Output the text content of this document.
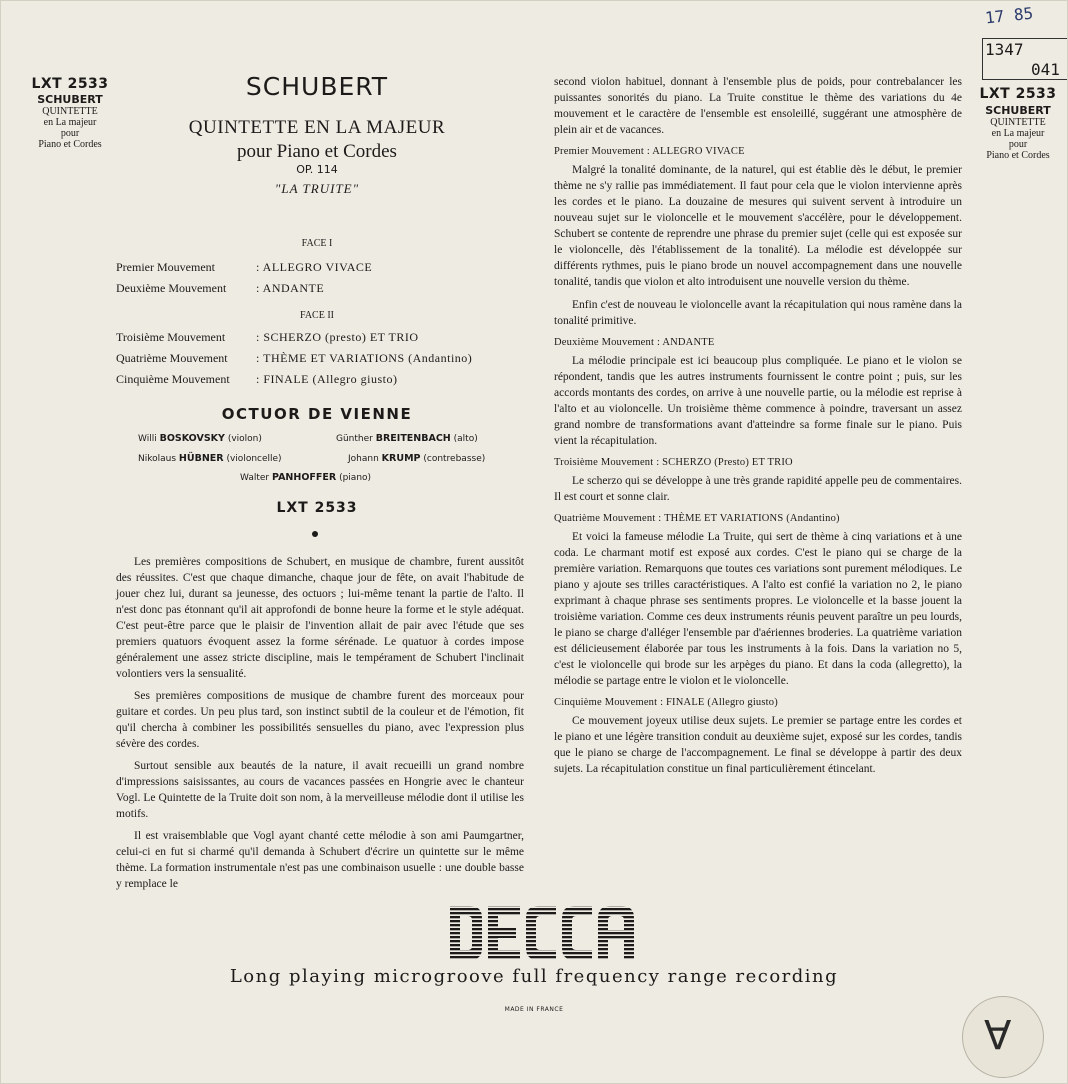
LXT 2533
SCHUBERT
QUINTETTE
en La majeur
pour
Piano et Cordes
LXT 2533
SCHUBERT
QUINTETTE
en La majeur
pour
Piano et Cordes
17 85
1347
041
SCHUBERT
QUINTETTE EN LA MAJEUR
pour Piano et Cordes
OP. 114
"LA TRUITE"
FACE I
Premier Mouvement	: ALLEGRO VIVACE
Deuxième Mouvement : ANDANTE
FACE II
Troisième Mouvement	: SCHERZO (presto) ET TRIO
Quatrième Mouvement : THÈME ET VARIATIONS (Andantino)
Cinquième Mouvement : FINALE (Allegro giusto)
OCTUOR DE VIENNE
Willi BOSKOVSKY (violon)	Günther BREITENBACH (alto)
Nikolaus HÜBNER (violoncelle)	Johann KRUMP (contrebasse)
Walter PANHOFFER (piano)
LXT 2533

Les premières compositions de Schubert, en musique de chambre, furent aussitôt des réussites. C'est que chaque dimanche, chaque jour de fête, on avait l'habitude de jouer chez lui, durant sa jeunesse, des octuors ; lui-même tenant la partie de l'alto. Il n'est donc pas étonnant qu'il ait approfondi de bonne heure la forme et le style adéquat. C'est peut-être parce que le plaisir de l'invention allait de pair avec l'étude que ses premiers quatuors évoquent assez la forme sérénade. Le quatuor à cordes impose généralement une assez stricte discipline, mais le tempérament de Schubert l'inclinait volontiers vers la sensualité.

Ses premières compositions de musique de chambre furent des morceaux pour guitare et cordes. Un peu plus tard, son instinct subtil de la couleur et de l'émotion, fit qu'il chercha à combiner les possibilités sensuelles du piano, avec l'expression plus sévère des cordes.

Surtout sensible aux beautés de la nature, il avait recueilli un grand nombre d'impressions saisissantes, au cours de vacances passées en Hongrie avec le chanteur Vogl. Le Quintette de la Truite doit son nom, à la merveilleuse mélodie dont il utilise les motifs.

Il est vraisemblable que Vogl ayant chanté cette mélodie à son ami Paumgartner, celui-ci en fut si charmé qu'il demanda à Schubert d'écrire un quintette sur le même thème. La formation instrumentale n'est pas une combinaison usuelle : une double basse y remplace le

second violon habituel, donnant à l'ensemble plus de poids, pour contrebalancer les puissantes sonorités du piano. La Truite constitue le thème des variations du 4e mouvement et le caractère de l'ensemble est ensoleillé, suggérant une atmosphère de plein air et de vacances.

Premier Mouvement : ALLEGRO VIVACE

Malgré la tonalité dominante, de la naturel, qui est établie dès le début, le premier thème ne s'y rallie pas immédiatement. Il faut pour cela que le violon intervienne après les cordes et le piano. La douzaine de mesures qui suivent servent à introduire un nouveau sujet sur le violoncelle et le mouvement s'accélère, pour le développement. Schubert se contente de reprendre une phrase du premier sujet (celle qui est exposée sur le violoncelle, dès l'établissement de la tonalité). La mélodie est développée sur différents rythmes, puis le piano brode un nouvel accompagnement dans une nouvelle tonalité, tandis que violon et alto introduisent une nouvelle version du thème.

Enfin c'est de nouveau le violoncelle avant la récapitulation qui nous ramène dans la tonalité primitive.

Deuxième Mouvement : ANDANTE

La mélodie principale est ici beaucoup plus compliquée. Le piano et le violon se répondent, tandis que les autres instruments fournissent le contre point ; puis, sur les accords montants des cordes, on arrive à une nouvelle partie, ou la mélodie est reprise à l'alto et au violoncelle. Un troisième thème commence à poindre, traversant un assez grand nombre de transformations avant d'atteindre sa forme finale sur le piano. Puis vient la récapitulation.

Troisième Mouvement : SCHERZO (Presto) ET TRIO

Le scherzo qui se développe à une très grande rapidité appelle peu de commentaires. Il est court et sonne clair.

Quatrième Mouvement : THÈME ET VARIATIONS (Andantino)

Et voici la fameuse mélodie La Truite, qui sert de thème à cinq variations et à une coda. Le charmant motif est exposé aux cordes. C'est le piano qui se charge de la première variation. Remarquons que toutes ces variations sont purement mélodiques. Le piano y ajoute ses trilles caractéristiques. A l'alto est confié la variation no 2, le piano exprimant à chaque phrase ses sentiments propres. Le violoncelle et la basse jouent la troisième variation. Comme ces deux instruments réunis peuvent paraître un peu lourds, le piano se charge d'alléger l'ensemble par d'aériennes broderies. La quatrième variation est délicieusement élaborée par tous les instruments à la fois. Dans la variation no 5, c'est le violoncelle qui brode sur les arpèges du piano. Et dans la coda (allegretto), la mélodie se partage entre le violon et le violoncelle.

Cinquième Mouvement : FINALE (Allegro giusto)

Ce mouvement joyeux utilise deux sujets. Le premier se partage entre les cordes et le piano et une légère transition conduit au deuxième sujet, exposé sur les cordes, tandis que le piano se charge de l'accompagnement. Le final se développe à partir des deux sujets. La récapitulation constitue un final particulièrement étincelant.

Long playing microgroove full frequency range recording
MADE IN FRANCE
A
